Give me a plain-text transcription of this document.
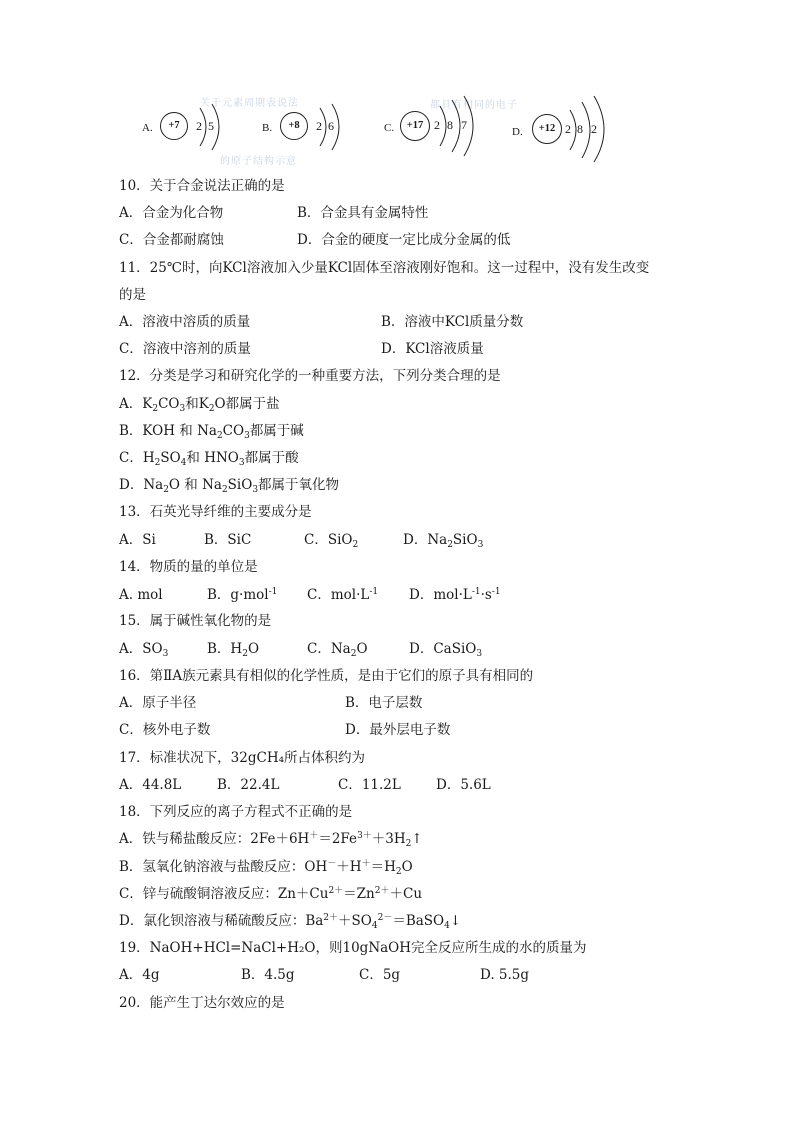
关于元素周期表说法	都具有相同的电子
的原子结构示意
A.	+7	2 5	B.	+8	2 6	C.	+17 2 8 7	D.	+12 2 8 2
10．关于合金说法正确的是
A．合金为化合物	B．合金具有金属特性
C．合金都耐腐蚀	D．合金的硬度一定比成分金属的低
11．25℃时，向KCl溶液加入少量KCl固体至溶液刚好饱和。这一过程中，没有发生改变
的是
A．溶液中溶质的质量	B．溶液中KCl质量分数
C．溶液中溶剂的质量	D．KCl溶液质量
12．分类是学习和研究化学的一种重要方法，下列分类合理的是
A．$K_2CO_3$和$K_2O$都属于盐
B．KOH 和 $Na_2CO_3$都属于碱
C．$H_2SO_4$和 $HNO_3$都属于酸
D．$Na_2O$ 和 $Na_2SiO_3$都属于氧化物
13．石英光导纤维的主要成分是
A．Si	B．SiC	C．SiO$_2$	D．$Na_2SiO_3$
14．物质的量的单位是
A. mol	B．g·mol$^{-1}$ C．$mol\cdot L^{-1}$ D．$mol\cdot L^{-1}\cdot s^{-1}$
15．属于碱性氧化物的是
A．$SO_3$	B．$H_2O$	C．$Na_2O$	D．CaSiO$_3$
16．第ⅡA族元素具有相似的化学性质，是由于它们的原子具有相同的
A．原子半径	B．电子层数
C．核外电子数	D．最外层电子数
17．标准状况下，32gCH₄所占体积约为
A．44.8L	B．22.4L	C．11.2L	D．5.6L
18．下列反应的离子方程式不正确的是
A．铁与稀盐酸反应：$2Fe+6H^+=2Fe^{3+}+3H_2↑$
B．氢氧化钠溶液与盐酸反应：$OH^-+H^+=H_2O$
C．锌与硫酸铜溶液反应：$Zn+Cu^{2+}=Zn^{2+}+Cu$
D．氯化钡溶液与稀硫酸反应：$Ba^{2+}+SO_4^{2-}=BaSO_4↓$
19．NaOH+HCl=NaCl+H₂O，则10gNaOH完全反应所生成的水的质量为
A．4g	B．4.5g	C．5g	D. 5.5g
20．能产生丁达尔效应的是
